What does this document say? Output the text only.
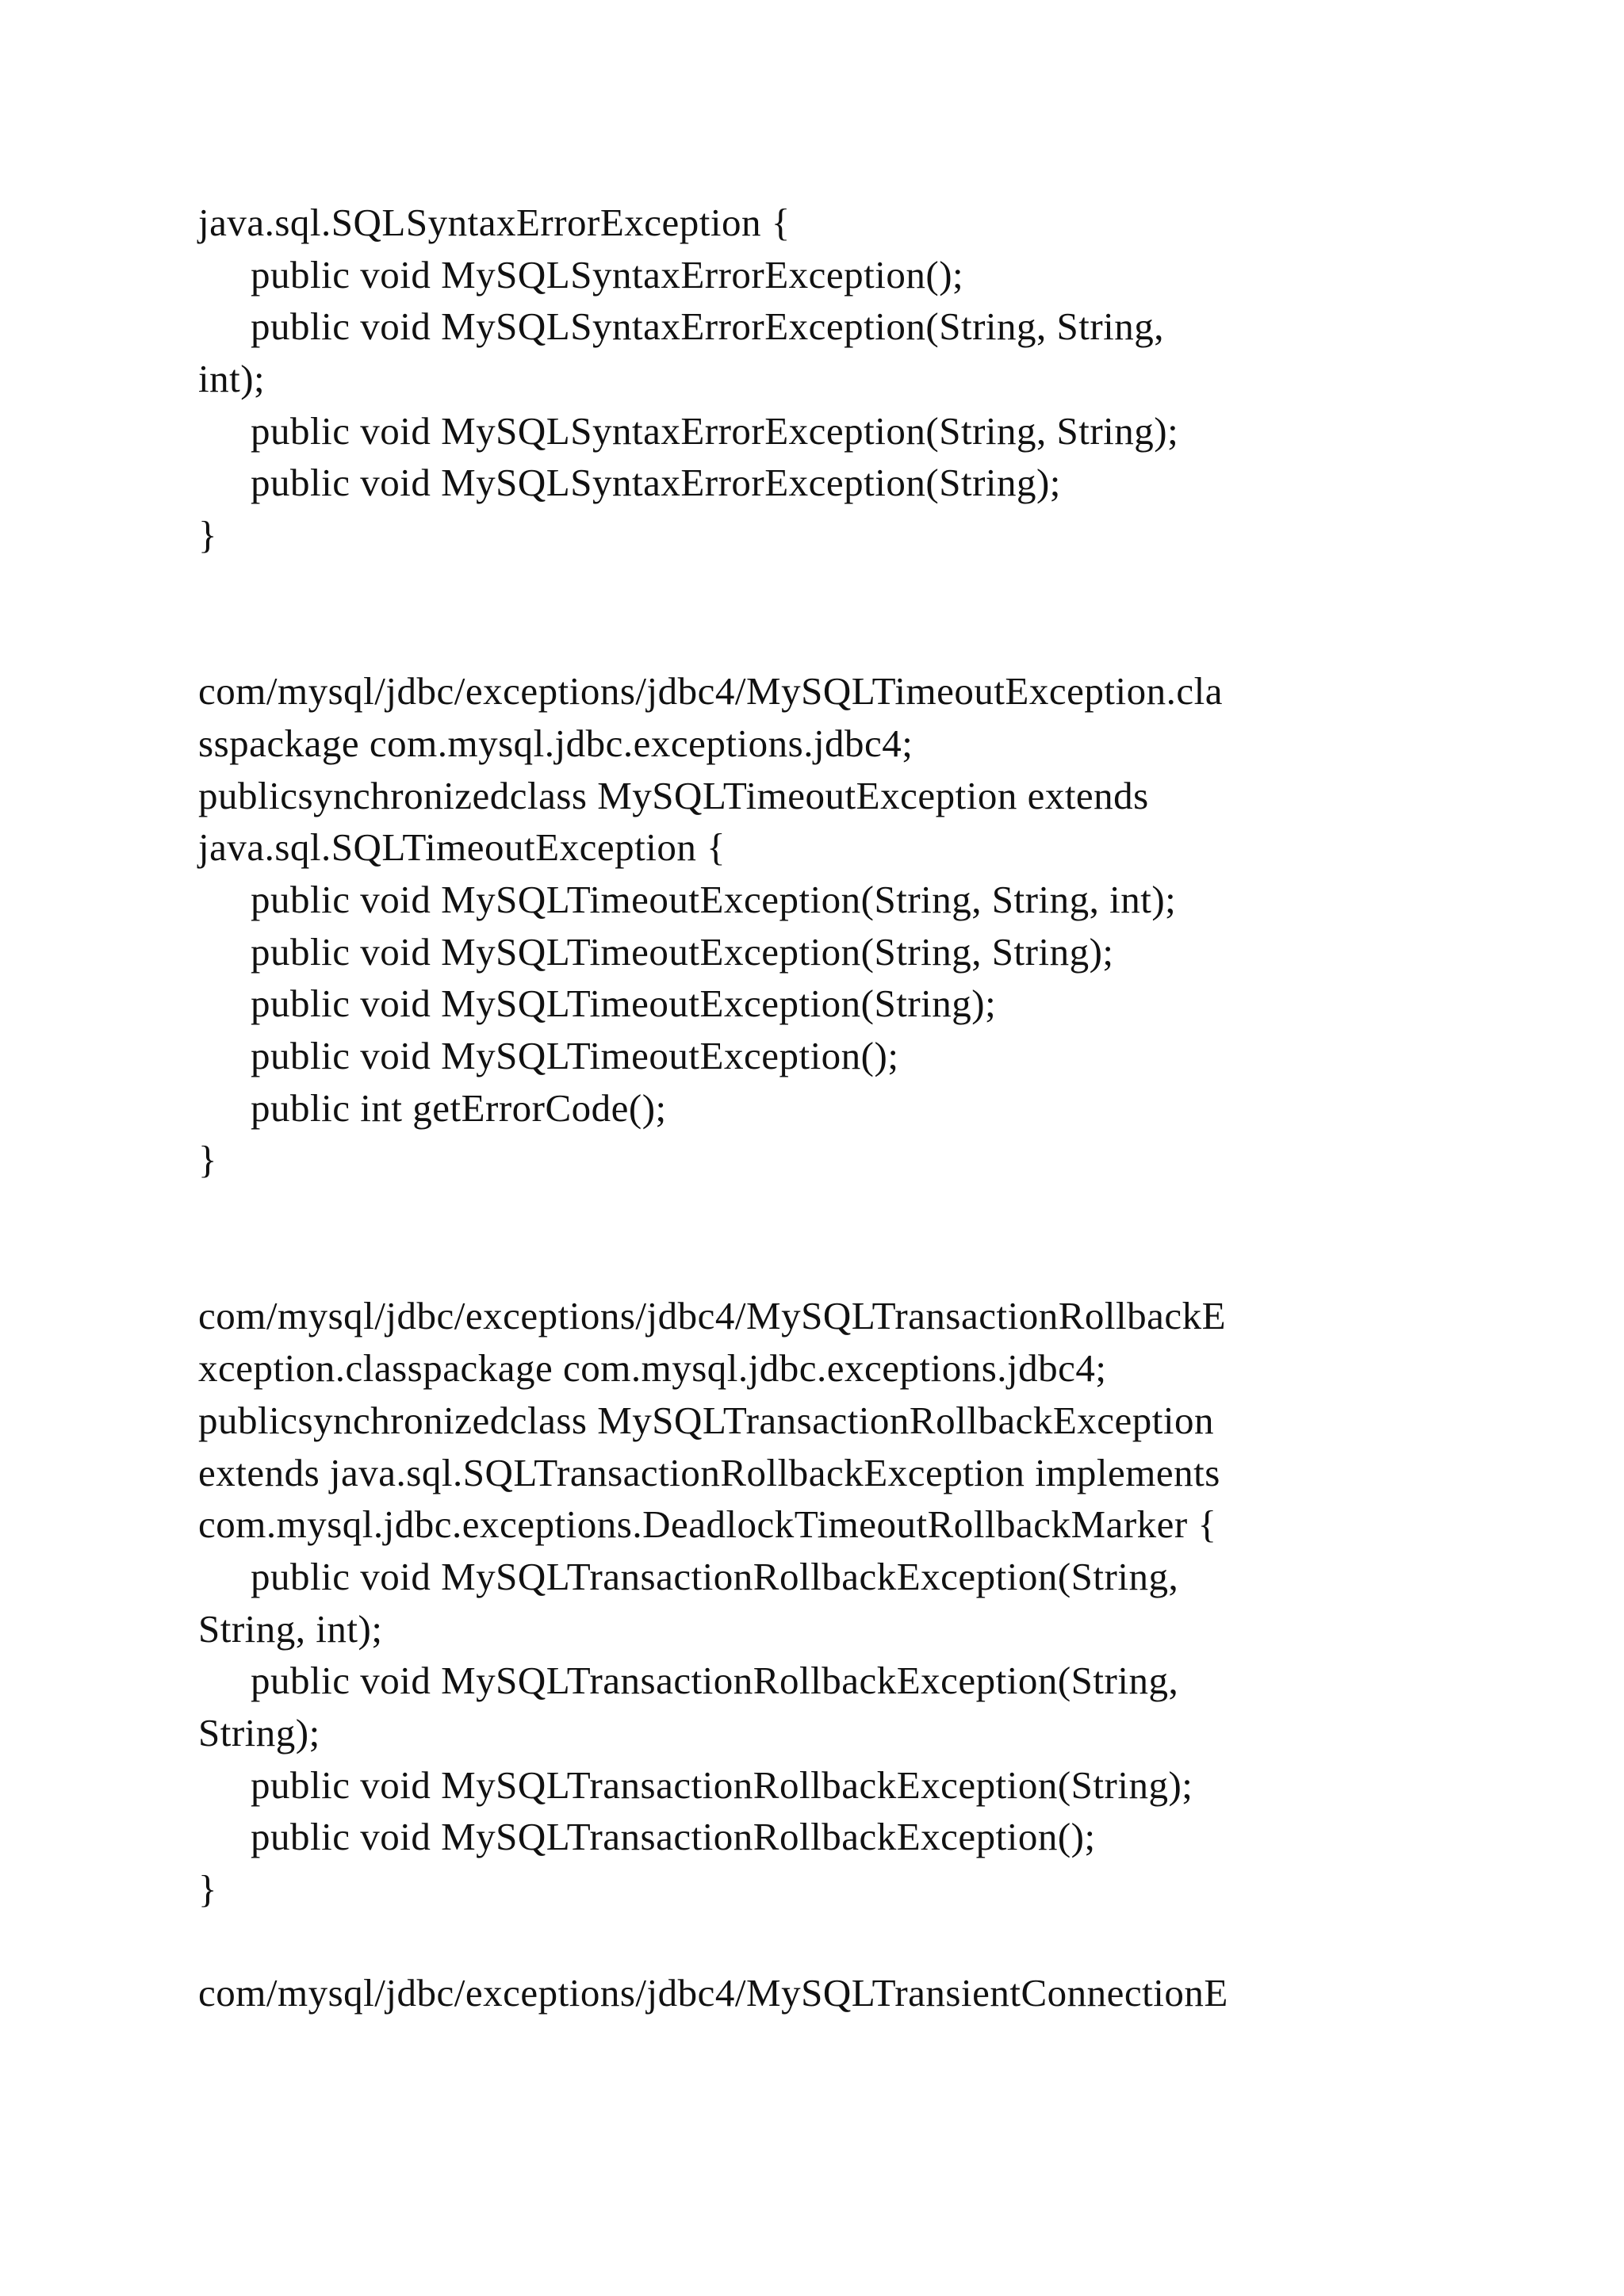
java.sql.SQLSyntaxErrorException {
public void MySQLSyntaxErrorException();
public void MySQLSyntaxErrorException(String, String,
int);
public void MySQLSyntaxErrorException(String, String);
public void MySQLSyntaxErrorException(String);
}
com/mysql/jdbc/exceptions/jdbc4/MySQLTimeoutException.cla
sspackage com.mysql.jdbc.exceptions.jdbc4;
publicsynchronizedclass MySQLTimeoutException extends
java.sql.SQLTimeoutException {
public void MySQLTimeoutException(String, String, int);
public void MySQLTimeoutException(String, String);
public void MySQLTimeoutException(String);
public void MySQLTimeoutException();
public int getErrorCode();
}
com/mysql/jdbc/exceptions/jdbc4/MySQLTransactionRollbackE
xception.classpackage com.mysql.jdbc.exceptions.jdbc4;
publicsynchronizedclass MySQLTransactionRollbackException
extends java.sql.SQLTransactionRollbackException implements
com.mysql.jdbc.exceptions.DeadlockTimeoutRollbackMarker {
public void MySQLTransactionRollbackException(String,
String, int);
public void MySQLTransactionRollbackException(String,
String);
public void MySQLTransactionRollbackException(String);
public void MySQLTransactionRollbackException();
}
com/mysql/jdbc/exceptions/jdbc4/MySQLTransientConnectionE
